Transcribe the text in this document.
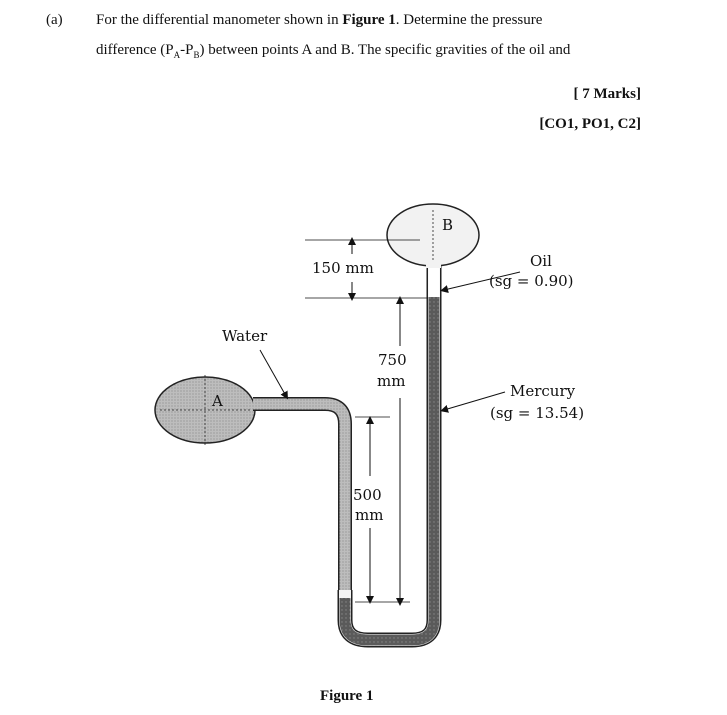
(a) For the differential manometer shown in Figure 1. Determine the pressure
difference $(P_A-P_B)$ between points A and B. The specific gravities of the oil and
[ 7 Marks]
[CO1, PO1, C2]
A
B
150 mm
750
mm
500
mm
Water
Oil
(sg = 0.90)
Mercury
(sg = 13.54)
Figure 1
